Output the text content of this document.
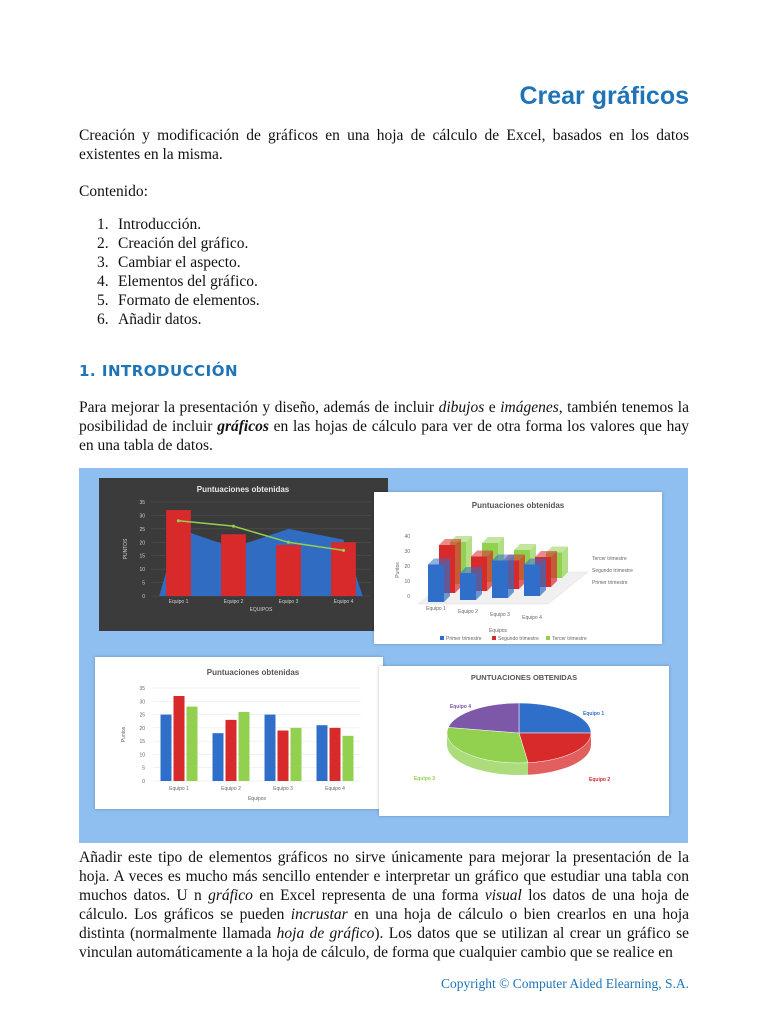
Crear gráficos

Creación y modificación de gráficos en una hoja de cálculo de Excel, basados en los datos existentes en la misma.

Contenido:

1. Introducción.
2. Creación del gráfico.
3. Cambiar el aspecto.
4. Elementos del gráfico.
5. Formato de elementos.
6. Añadir datos.
1. INTRODUCCIÓN

Para mejorar la presentación y diseño, además de incluir dibujos e imágenes, también tenemos la posibilidad de incluir gráficos en las hojas de cálculo para ver de otra forma los valores que hay en una tabla de datos.

Puntuaciones obtenidas
0
5
10
15
20
25
30
35
Equipo 1	Equipo 2	Equipo 3	Equipo 4
EQUIPOS
PUNTOS
Puntuaciones obtenidas
0
10
20
30
40
Puntos
Equipo 1 Equipo 2 Equipo 3 Equipo 4
Equipos
Primer trimestre
Segundo trimestre
Tercer trimestre
Primer trimestre	Segundo trimestre	Tercer trimestre
Puntuaciones obtenidas
0
5
10
15
20
25
30
35
Puntos
Equipo 1	Equipo 2	Equipo 3	Equipo 4
Equipos
PUNTUACIONES OBTENIDAS
Equipo 1
Equipo 2
Equipo 3
Equipo 4

Añadir este tipo de elementos gráficos no sirve únicamente para mejorar la presentación de la hoja. A veces es mucho más sencillo entender e interpretar un gráfico que estudiar una tabla con muchos datos. U n gráfico en Excel representa de una forma visual los datos de una hoja de cálculo. Los gráficos se pueden incrustar en una hoja de cálculo o bien crearlos en una hoja distinta (normalmente llamada hoja de gráfico). Los datos que se utilizan al crear un gráfico se vinculan automáticamente a la hoja de cálculo, de forma que cualquier cambio que se realice en

Copyright © Computer Aided Elearning, S.A.
